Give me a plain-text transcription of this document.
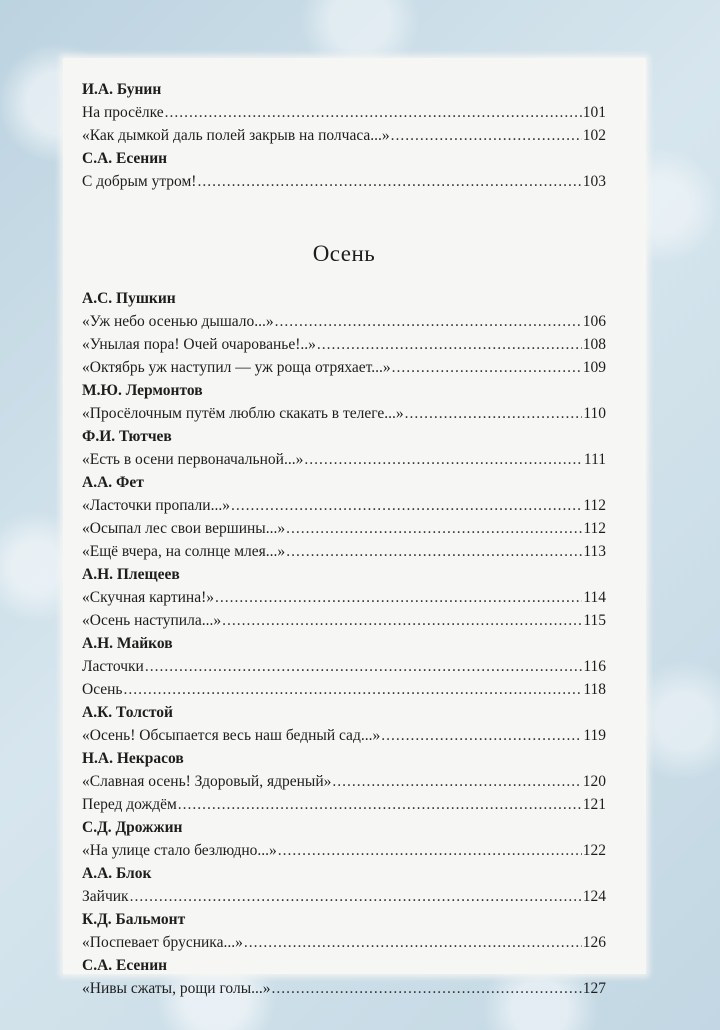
И.А. Бунин
На просёлке .....	101
«Как дымкой даль полей закрыв на полчаса...» .....	102
С.А. Есенин
С добрым утром! .....	103
Осень
А.С. Пушкин
«Уж небо осенью дышало...» .....	106
«Унылая пора! Очей очарованье!..» .....	108
«Октябрь уж наступил — уж роща отряхает...» .....	109
М.Ю. Лермонтов
«Просёлочным путём люблю скакать в телеге...» .....	110
Ф.И. Тютчев
«Есть в осени первоначальной...» .....	111
А.А. Фет
«Ласточки пропали...» .....	112
«Осыпал лес свои вершины...» .....	112
«Ещё вчера, на солнце млея...» .....	113
А.Н. Плещеев
«Скучная картина!» .....	114
«Осень наступила...» .....	115
А.Н. Майков
Ласточки .....	116
Осень .....	118
А.К. Толстой
«Осень! Обсыпается весь наш бедный сад...» .....	119
Н.А. Некрасов
«Славная осень! Здоровый, ядреный» .....	120
Перед дождём .....	121
С.Д. Дрожжин
«На улице стало безлюдно...» .....	122
А.А. Блок
Зайчик .....	124
К.Д. Бальмонт
«Поспевает брусника...» .....	126
С.А. Есенин
«Нивы сжаты, рощи голы...» .....	127
